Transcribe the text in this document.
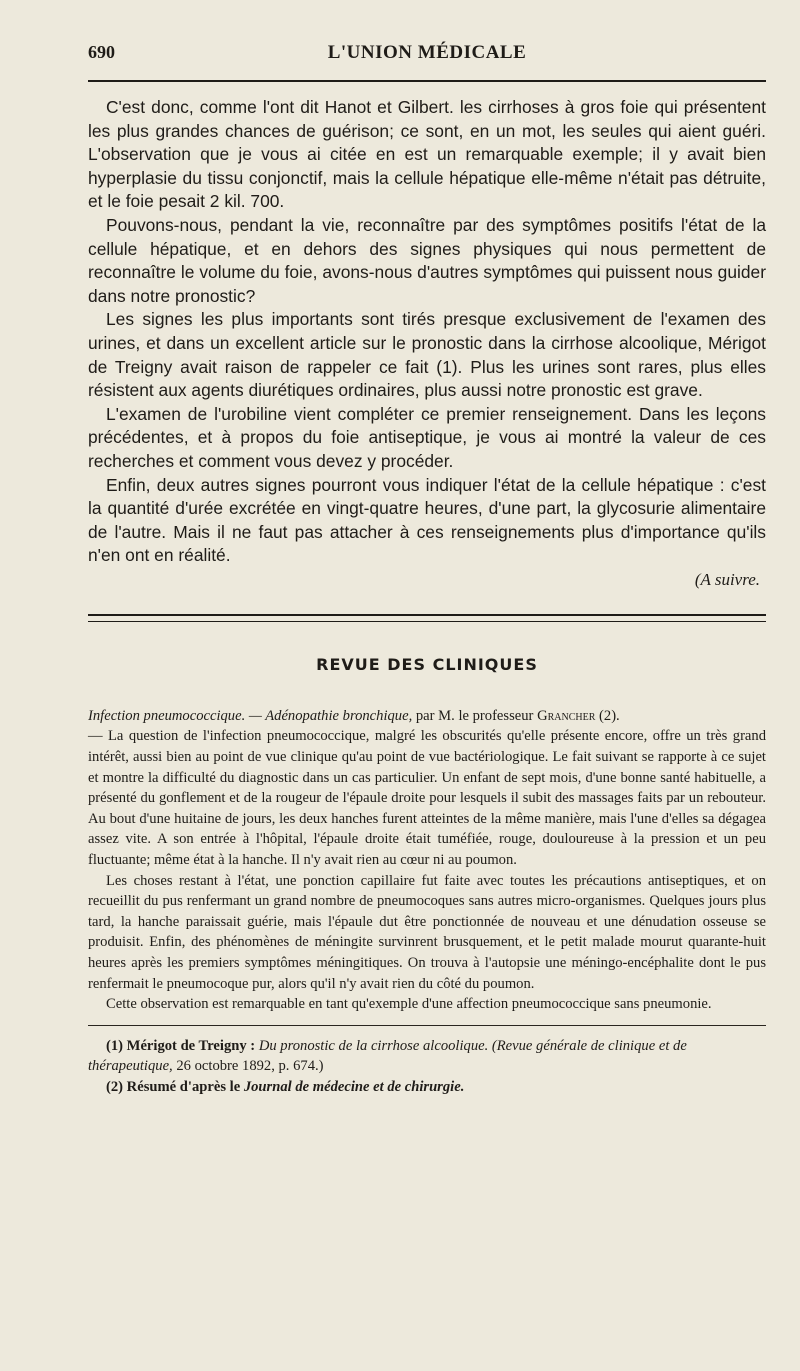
690	L'UNION MÉDICALE

C'est donc, comme l'ont dit Hanot et Gilbert. les cirrhoses à gros foie qui présentent les plus grandes chances de guérison; ce sont, en un mot, les seules qui aient guéri. L'observation que je vous ai citée en est un remarquable exemple; il y avait bien hyperplasie du tissu conjonctif, mais la cellule hépatique elle-même n'était pas détruite, et le foie pesait 2 kil. 700.

Pouvons-nous, pendant la vie, reconnaître par des symptômes positifs l'état de la cellule hépatique, et en dehors des signes physiques qui nous permettent de reconnaître le volume du foie, avons-nous d'autres symptômes qui puissent nous guider dans notre pronostic?

Les signes les plus importants sont tirés presque exclusivement de l'examen des urines, et dans un excellent article sur le pronostic dans la cirrhose alcoolique, Mérigot de Treigny avait raison de rappeler ce fait (1). Plus les urines sont rares, plus elles résistent aux agents diurétiques ordinaires, plus aussi notre pronostic est grave.

L'examen de l'urobiline vient compléter ce premier renseignement. Dans les leçons précédentes, et à propos du foie antiseptique, je vous ai montré la valeur de ces recherches et comment vous devez y procéder.

Enfin, deux autres signes pourront vous indiquer l'état de la cellule hépatique : c'est la quantité d'urée excrétée en vingt-quatre heures, d'une part, la glycosurie alimentaire de l'autre. Mais il ne faut pas attacher à ces renseignements plus d'importance qu'ils n'en ont en réalité.

(A suivre.
REVUE DES CLINIQUES

Infection pneumococcique. — Adénopathie bronchique, par M. le professeur Grancher (2).

— La question de l'infection pneumococcique, malgré les obscurités qu'elle présente encore, offre un très grand intérêt, aussi bien au point de vue clinique qu'au point de vue bactériologique. Le fait suivant se rapporte à ce sujet et montre la difficulté du diagnostic dans un cas particulier. Un enfant de sept mois, d'une bonne santé habituelle, a présenté du gonflement et de la rougeur de l'épaule droite pour lesquels il subit des massages faits par un rebouteur. Au bout d'une huitaine de jours, les deux hanches furent atteintes de la même manière, mais l'une d'elles sa dégagea assez vite. A son entrée à l'hôpital, l'épaule droite était tuméfiée, rouge, douloureuse à la pression et un peu fluctuante; même état à la hanche. Il n'y avait rien au cœur ni au poumon.

Les choses restant à l'état, une ponction capillaire fut faite avec toutes les précautions antiseptiques, et on recueillit du pus renfermant un grand nombre de pneumocoques sans autres micro-organismes. Quelques jours plus tard, la hanche paraissait guérie, mais l'épaule dut être ponctionnée de nouveau et une dénudation osseuse se produisit. Enfin, des phénomènes de méningite survinrent brusquement, et le petit malade mourut quarante-huit heures après les premiers symptômes méningitiques. On trouva à l'autopsie une méningo-encéphalite dont le pus renfermait le pneumocoque pur, alors qu'il n'y avait rien du côté du poumon.

Cette observation est remarquable en tant qu'exemple d'une affection pneumococcique sans pneumonie.

(1) Mérigot de Treigny : Du pronostic de la cirrhose alcoolique. (Revue générale de clinique et de thérapeutique, 26 octobre 1892, p. 674.)

(2) Résumé d'après le Journal de médecine et de chirurgie.
